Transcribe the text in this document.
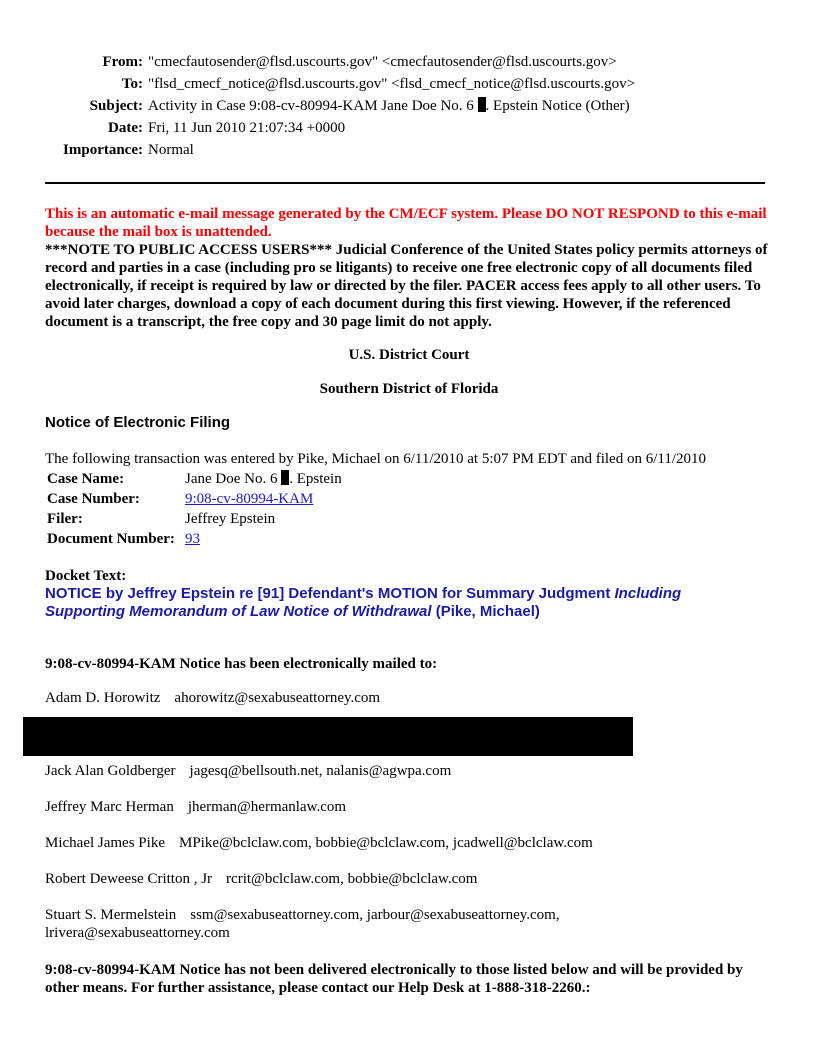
From: "cmecfautosender@flsd.uscourts.gov" <cmecfautosender@flsd.uscourts.gov>
To: "flsd_cmecf_notice@flsd.uscourts.gov" <flsd_cmecf_notice@flsd.uscourts.gov>
Subject: Activity in Case 9:08-cv-80994-KAM Jane Doe No. 6 . Epstein Notice (Other)
Date: Fri, 11 Jun 2010 21:07:34 +0000
Importance: Normal
This is an automatic e-mail message generated by the CM/ECF system. Please DO NOT RESPOND to this e-mail because the mail box is unattended.
***NOTE TO PUBLIC ACCESS USERS*** Judicial Conference of the United States policy permits attorneys of record and parties in a case (including pro se litigants) to receive one free electronic copy of all documents filed electronically, if receipt is required by law or directed by the filer. PACER access fees apply to all other users. To avoid later charges, download a copy of each document during this first viewing. However, if the referenced document is a transcript, the free copy and 30 page limit do not apply.
U.S. District Court
Southern District of Florida
Notice of Electronic Filing
The following transaction was entered by Pike, Michael on 6/11/2010 at 5:07 PM EDT and filed on 6/11/2010
Case Name:	Jane Doe No. 6 . Epstein
Case Number:	9:08-cv-80994-KAM
Filer:	Jeffrey Epstein
Document Number: 93
Docket Text:
NOTICE by Jeffrey Epstein re [91] Defendant's MOTION for Summary Judgment Including Supporting Memorandum of Law Notice of Withdrawal (Pike, Michael)
9:08-cv-80994-KAM Notice has been electronically mailed to:
Adam D. Horowitz ahorowitz@sexabuseattorney.com
Jack Alan Goldberger jagesq@bellsouth.net, nalanis@agwpa.com
Jeffrey Marc Herman jherman@hermanlaw.com
Michael James Pike MPike@bclclaw.com, bobbie@bclclaw.com, jcadwell@bclclaw.com
Robert Deweese Critton , Jr rcrit@bclclaw.com, bobbie@bclclaw.com
Stuart S. Mermelstein ssm@sexabuseattorney.com, jarbour@sexabuseattorney.com,
lrivera@sexabuseattorney.com
9:08-cv-80994-KAM Notice has not been delivered electronically to those listed below and will be provided by other means. For further assistance, please contact our Help Desk at 1-888-318-2260.:
